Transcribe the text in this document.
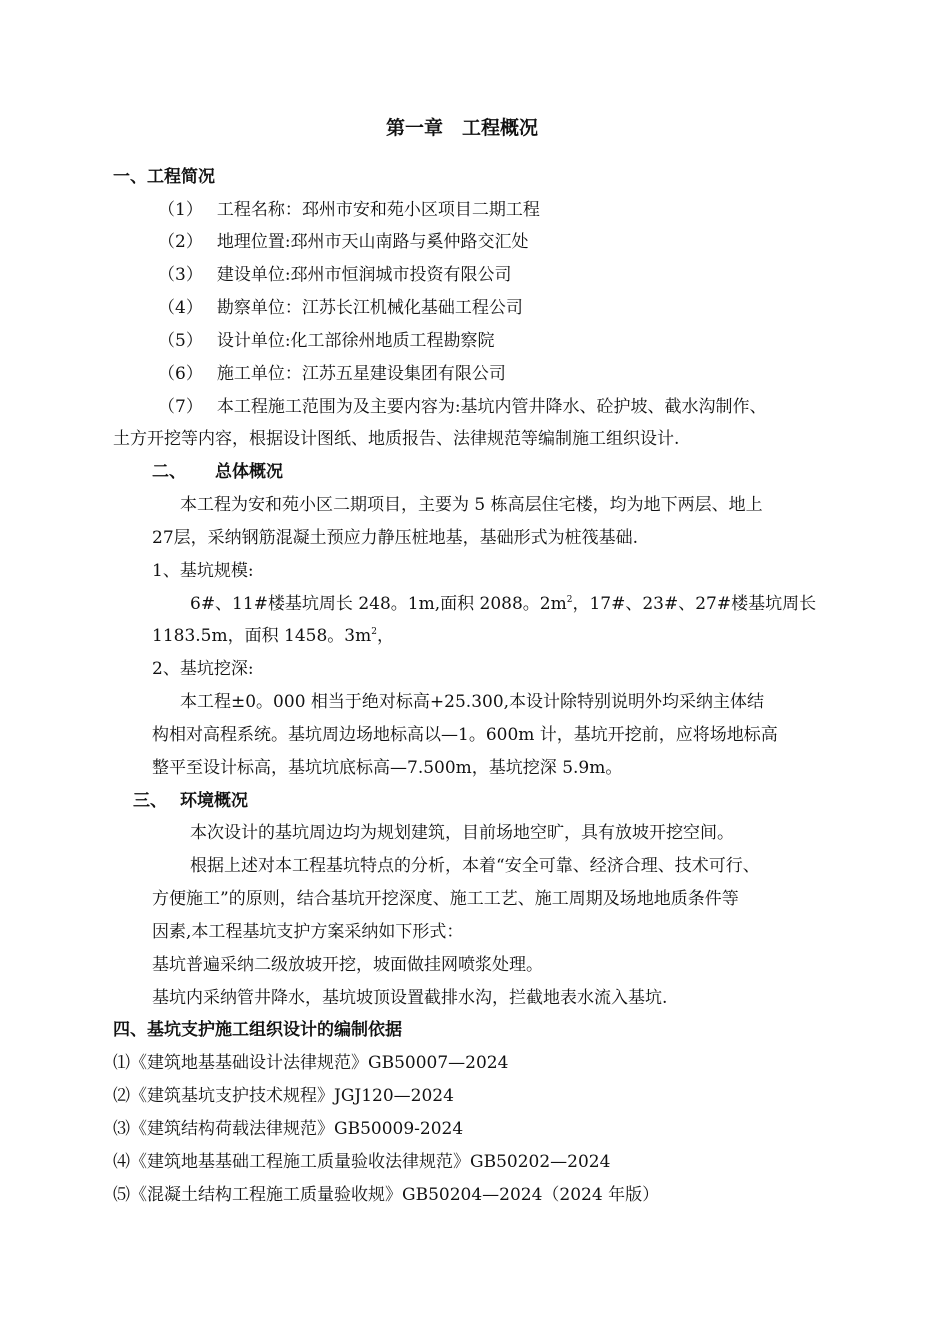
第一章　工程概况
一、工程简况
（1） 工程名称：邳州市安和苑小区项目二期工程
（2） 地理位置:邳州市天山南路与奚仲路交汇处
（3） 建设单位:邳州市恒润城市投资有限公司
（4） 勘察单位：江苏长江机械化基础工程公司
（5） 设计单位:化工部徐州地质工程勘察院
（6） 施工单位：江苏五星建设集团有限公司
（7） 本工程施工范围为及主要内容为:基坑内管井降水、砼护坡、截水沟制作、
土方开挖等内容，根据设计图纸、地质报告、法律规范等编制施工组织设计.
二、 总体概况
本工程为安和苑小区二期项目，主要为 5 栋高层住宅楼，均为地下两层、地上
27层，采纳钢筋混凝土预应力静压桩地基，基础形式为桩筏基础.
1、基坑规模:
6#、11#楼基坑周长 248。1m,面积 2088。$2m^2$，17#、23#、27#楼基坑周长
1183.5m，面积 1458。$3m^2$，
2、基坑挖深:
本工程±0。000 相当于绝对标高+25.300,本设计除特别说明外均采纳主体结
构相对高程系统。基坑周边场地标高以—1。600m 计，基坑开挖前，应将场地标高
整平至设计标高，基坑坑底标高—7.500m，基坑挖深 5.9m。
三、 环境概况
本次设计的基坑周边均为规划建筑，目前场地空旷，具有放坡开挖空间。
根据上述对本工程基坑特点的分析，本着“安全可靠、经济合理、技术可行、
方便施工”的原则，结合基坑开挖深度、施工工艺、施工周期及场地地质条件等
因素,本工程基坑支护方案采纳如下形式：
基坑普遍采纳二级放坡开挖，坡面做挂网喷浆处理。
基坑内采纳管井降水，基坑坡顶设置截排水沟，拦截地表水流入基坑.
四、基坑支护施工组织设计的编制依据
⑴《建筑地基基础设计法律规范》GB50007—2024
⑵《建筑基坑支护技术规程》JGJ120—2024
⑶《建筑结构荷载法律规范》GB50009-2024
⑷《建筑地基基础工程施工质量验收法律规范》GB50202—2024
⑸《混凝土结构工程施工质量验收规》GB50204—2024（2024 年版）
